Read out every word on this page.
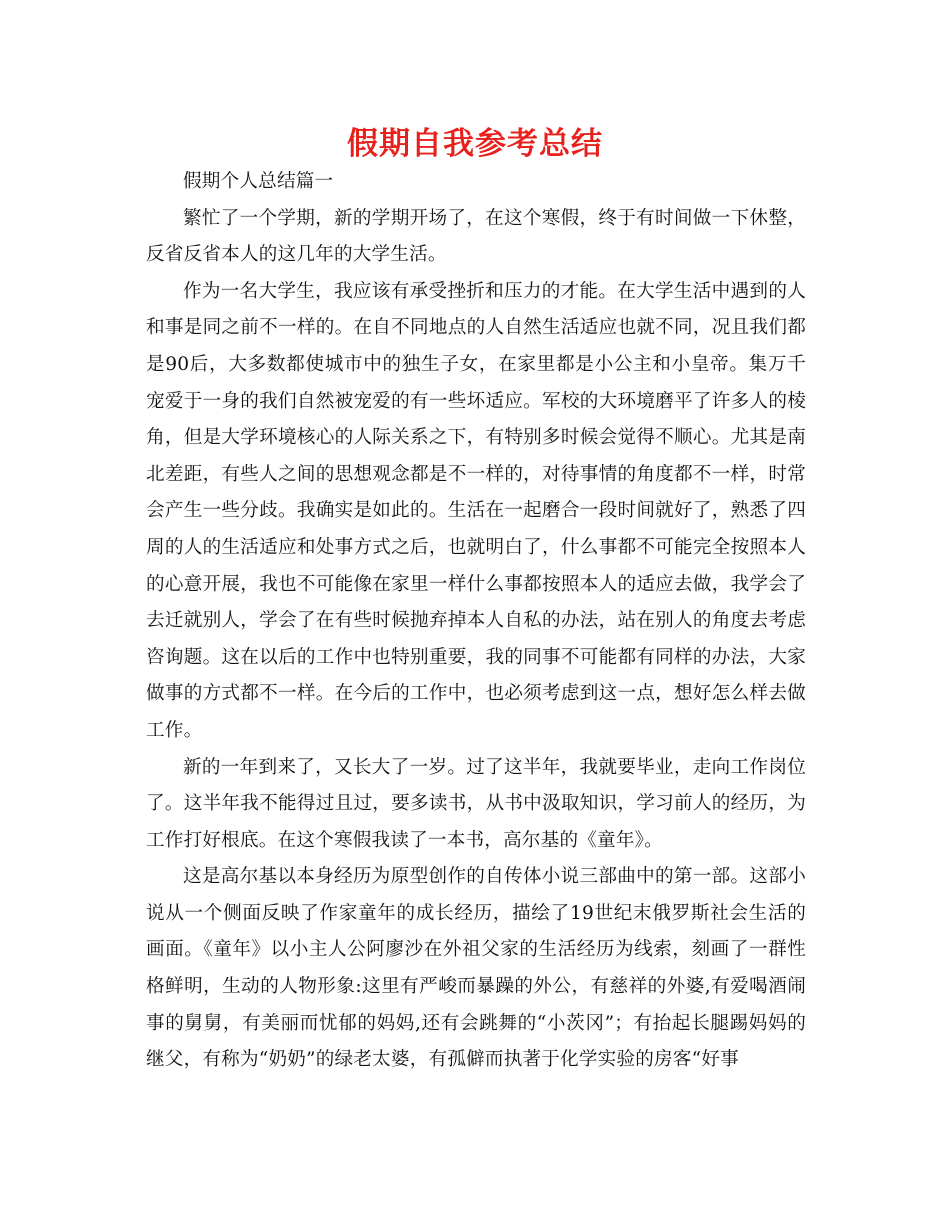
假期自我参考总结

假期个人总结篇一

繁忙了一个学期，新的学期开场了，在这个寒假，终于有时间做一下休整，反省反省本人的这几年的大学生活。

作为一名大学生，我应该有承受挫折和压力的才能。在大学生活中遇到的人和事是同之前不一样的。在自不同地点的人自然生活适应也就不同，况且我们都是90后，大多数都使城市中的独生子女，在家里都是小公主和小皇帝。集万千宠爱于一身的我们自然被宠爱的有一些坏适应。军校的大环境磨平了许多人的棱角，但是大学环境核心的人际关系之下，有特别多时候会觉得不顺心。尤其是南北差距，有些人之间的思想观念都是不一样的，对待事情的角度都不一样，时常会产生一些分歧。我确实是如此的。生活在一起磨合一段时间就好了，熟悉了四周的人的生活适应和处事方式之后，也就明白了，什么事都不可能完全按照本人的心意开展，我也不可能像在家里一样什么事都按照本人的适应去做，我学会了去迁就别人，学会了在有些时候抛弃掉本人自私的办法，站在别人的角度去考虑咨询题。这在以后的工作中也特别重要，我的同事不可能都有同样的办法，大家做事的方式都不一样。在今后的工作中，也必须考虑到这一点，想好怎么样去做工作。

新的一年到来了，又长大了一岁。过了这半年，我就要毕业，走向工作岗位了。这半年我不能得过且过，要多读书，从书中汲取知识，学习前人的经历，为工作打好根底。在这个寒假我读了一本书，高尔基的《童年》。

这是高尔基以本身经历为原型创作的自传体小说三部曲中的第一部。这部小说从一个侧面反映了作家童年的成长经历，描绘了19世纪末俄罗斯社会生活的画面。《童年》以小主人公阿廖沙在外祖父家的生活经历为线索，刻画了一群性格鲜明，生动的人物形象:这里有严峻而暴躁的外公，有慈祥的外婆,有爱喝酒闹事的舅舅，有美丽而忧郁的妈妈,还有会跳舞的“小茨冈”；有抬起长腿踢妈妈的继父，有称为“奶奶”的绿老太婆，有孤僻而执著于化学实验的房客“好事
